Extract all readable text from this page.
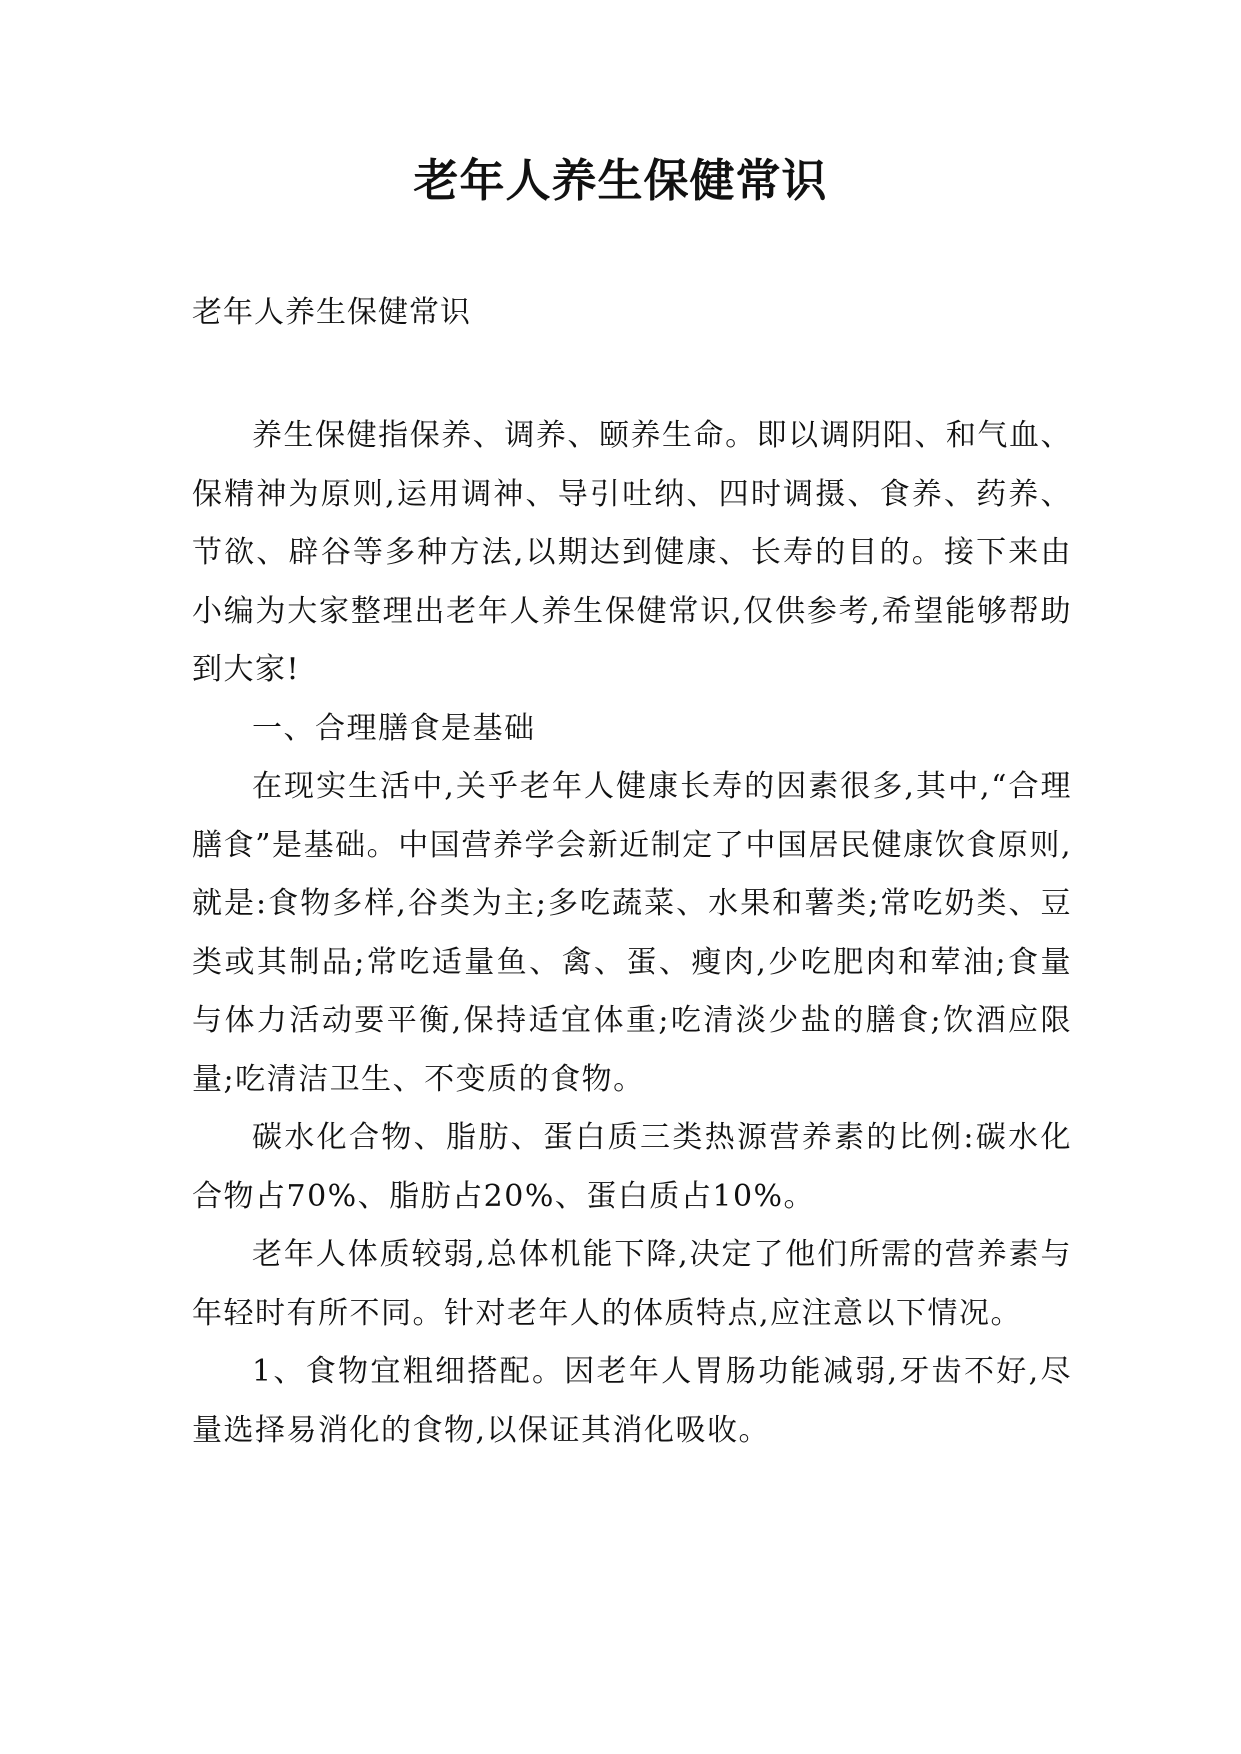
老年人养生保健常识
老年人养生保健常识

养生保健指保养、调养、颐养生命。即以调阴阳、和气血、保精神为原则,运用调神、导引吐纳、四时调摄、食养、药养、节欲、辟谷等多种方法,以期达到健康、长寿的目的。接下来由小编为大家整理出老年人养生保健常识,仅供参考,希望能够帮助到大家!

一、合理膳食是基础

在现实生活中,关乎老年人健康长寿的因素很多,其中,“合理膳食”是基础。中国营养学会新近制定了中国居民健康饮食原则,就是:食物多样,谷类为主;多吃蔬菜、水果和薯类;常吃奶类、豆类或其制品;常吃适量鱼、禽、蛋、瘦肉,少吃肥肉和荤油;食量与体力活动要平衡,保持适宜体重;吃清淡少盐的膳食;饮酒应限量;吃清洁卫生、不变质的食物。

碳水化合物、脂肪、蛋白质三类热源营养素的比例:碳水化合物占70%、脂肪占20%、蛋白质占10%。

老年人体质较弱,总体机能下降,决定了他们所需的营养素与年轻时有所不同。针对老年人的体质特点,应注意以下情况。

1、食物宜粗细搭配。因老年人胃肠功能减弱,牙齿不好,尽量选择易消化的食物,以保证其消化吸收。
